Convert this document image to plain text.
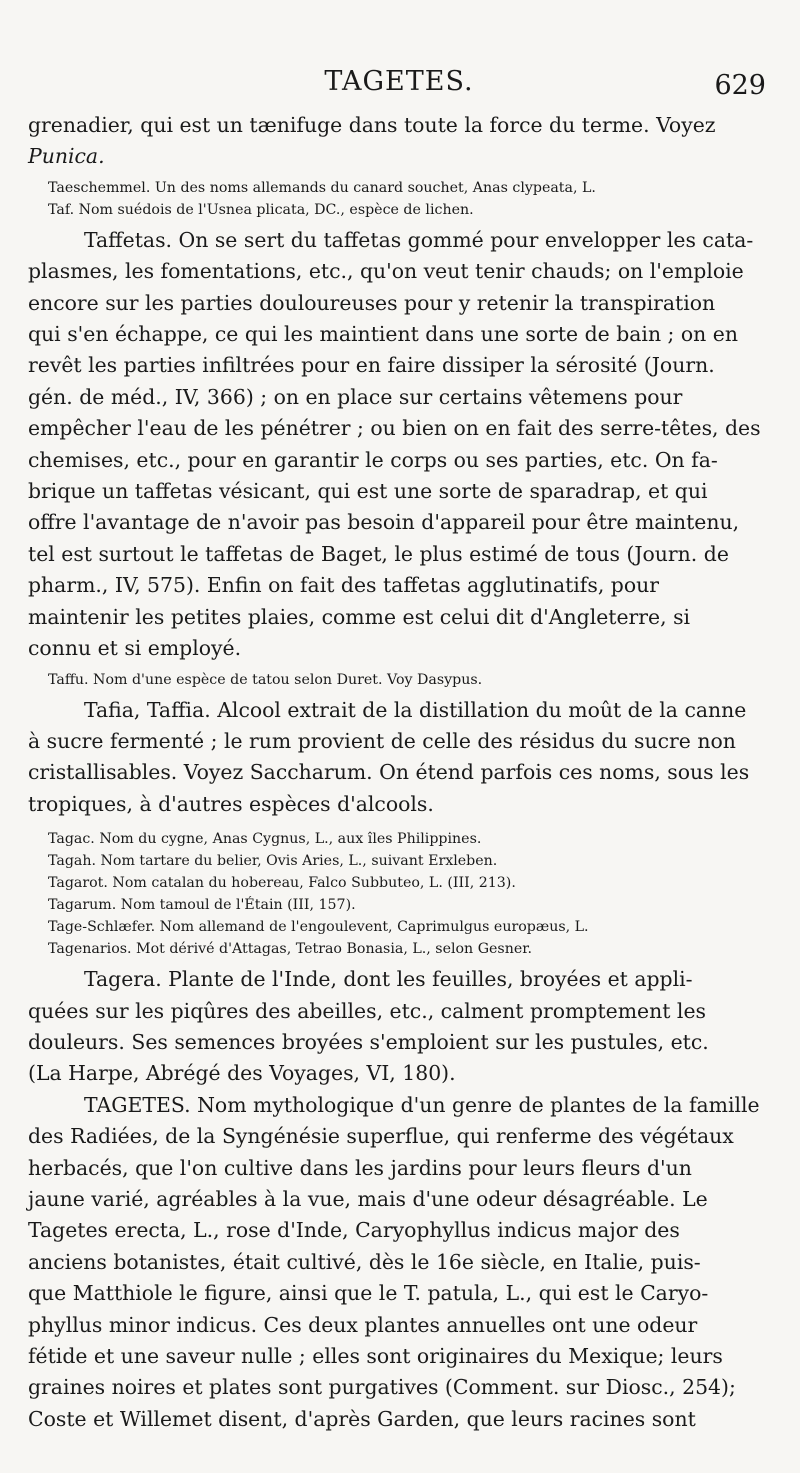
TAGETES.	629

grenadier, qui est un tænifuge dans toute la force du terme. Voyez

Punica.

Taeschemmel. Un des noms allemands du canard souchet, Anas clypeata, L.

Taf. Nom suédois de l'Usnea plicata, DC., espèce de lichen.

Taffetas. On se sert du taffetas gommé pour envelopper les cata-

plasmes, les fomentations, etc., qu'on veut tenir chauds; on l'emploie

encore sur les parties douloureuses pour y retenir la transpiration

qui s'en échappe, ce qui les maintient dans une sorte de bain ; on en

revêt les parties infiltrées pour en faire dissiper la sérosité (Journ.

gén. de méd., IV, 366) ; on en place sur certains vêtemens pour

empêcher l'eau de les pénétrer ; ou bien on en fait des serre-têtes, des

chemises, etc., pour en garantir le corps ou ses parties, etc. On fa-

brique un taffetas vésicant, qui est une sorte de sparadrap, et qui

offre l'avantage de n'avoir pas besoin d'appareil pour être maintenu,

tel est surtout le taffetas de Baget, le plus estimé de tous (Journ. de

pharm., IV, 575). Enfin on fait des taffetas agglutinatifs, pour

maintenir les petites plaies, comme est celui dit d'Angleterre, si

connu et si employé.

Taffu. Nom d'une espèce de tatou selon Duret. Voy Dasypus.

Tafia, Taffia. Alcool extrait de la distillation du moût de la canne

à sucre fermenté ; le rum provient de celle des résidus du sucre non

cristallisables. Voyez Saccharum. On étend parfois ces noms, sous les

tropiques, à d'autres espèces d'alcools.

Tagac. Nom du cygne, Anas Cygnus, L., aux îles Philippines.

Tagah. Nom tartare du belier, Ovis Aries, L., suivant Erxleben.

Tagarot. Nom catalan du hobereau, Falco Subbuteo, L. (III, 213).

Tagarum. Nom tamoul de l'Étain (III, 157).

Tage-Schlæfer. Nom allemand de l'engoulevent, Caprimulgus europæus, L.

Tagenarios. Mot dérivé d'Attagas, Tetrao Bonasia, L., selon Gesner.

Tagera. Plante de l'Inde, dont les feuilles, broyées et appli-

quées sur les piqûres des abeilles, etc., calment promptement les

douleurs. Ses semences broyées s'emploient sur les pustules, etc.

(La Harpe, Abrégé des Voyages, VI, 180).

TAGETES. Nom mythologique d'un genre de plantes de la famille

des Radiées, de la Syngénésie superflue, qui renferme des végétaux

herbacés, que l'on cultive dans les jardins pour leurs fleurs d'un

jaune varié, agréables à la vue, mais d'une odeur désagréable. Le

Tagetes erecta, L., rose d'Inde, Caryophyllus indicus major des

anciens botanistes, était cultivé, dès le 16e siècle, en Italie, puis-

que Matthiole le figure, ainsi que le T. patula, L., qui est le Caryo-

phyllus minor indicus. Ces deux plantes annuelles ont une odeur

fétide et une saveur nulle ; elles sont originaires du Mexique; leurs

graines noires et plates sont purgatives (Comment. sur Diosc., 254);

Coste et Willemet disent, d'après Garden, que leurs racines sont
